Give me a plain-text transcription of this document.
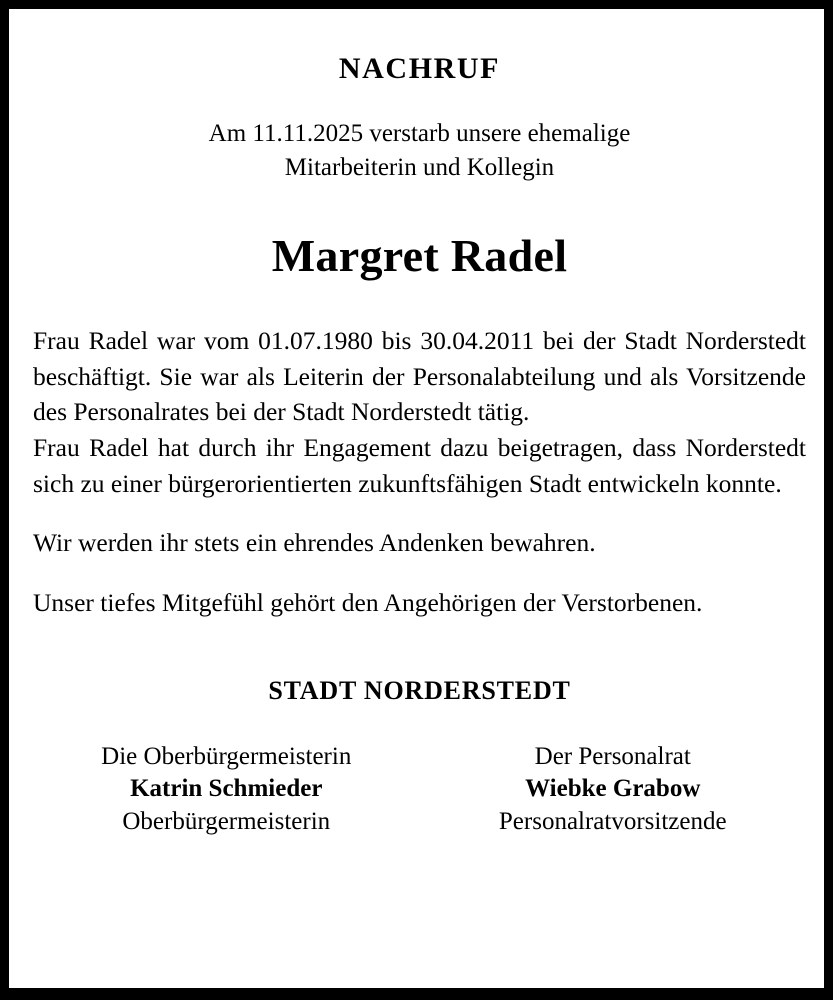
NACHRUF
Am 11.11.2025 verstarb unsere ehemalige
Mitarbeiterin und Kollegin
Margret Radel

Frau Radel war vom 01.07.1980 bis 30.04.2011 bei der Stadt Norderstedt beschäftigt. Sie war als Leiterin der Personalabteilung und als Vorsitzende des Personalrates bei der Stadt Norderstedt tätig.

Frau Radel hat durch ihr Engagement dazu beigetragen, dass Norderstedt sich zu einer bürgerorientierten zukunftsfähigen Stadt entwickeln konnte.

Wir werden ihr stets ein ehrendes Andenken bewahren.

Unser tiefes Mitgefühl gehört den Angehörigen der Verstorbenen.

STADT NORDERSTEDT
Die Oberbürgermeisterin
Katrin Schmieder
Oberbürgermeisterin
Der Personalrat
Wiebke Grabow
Personalratvorsitzende
